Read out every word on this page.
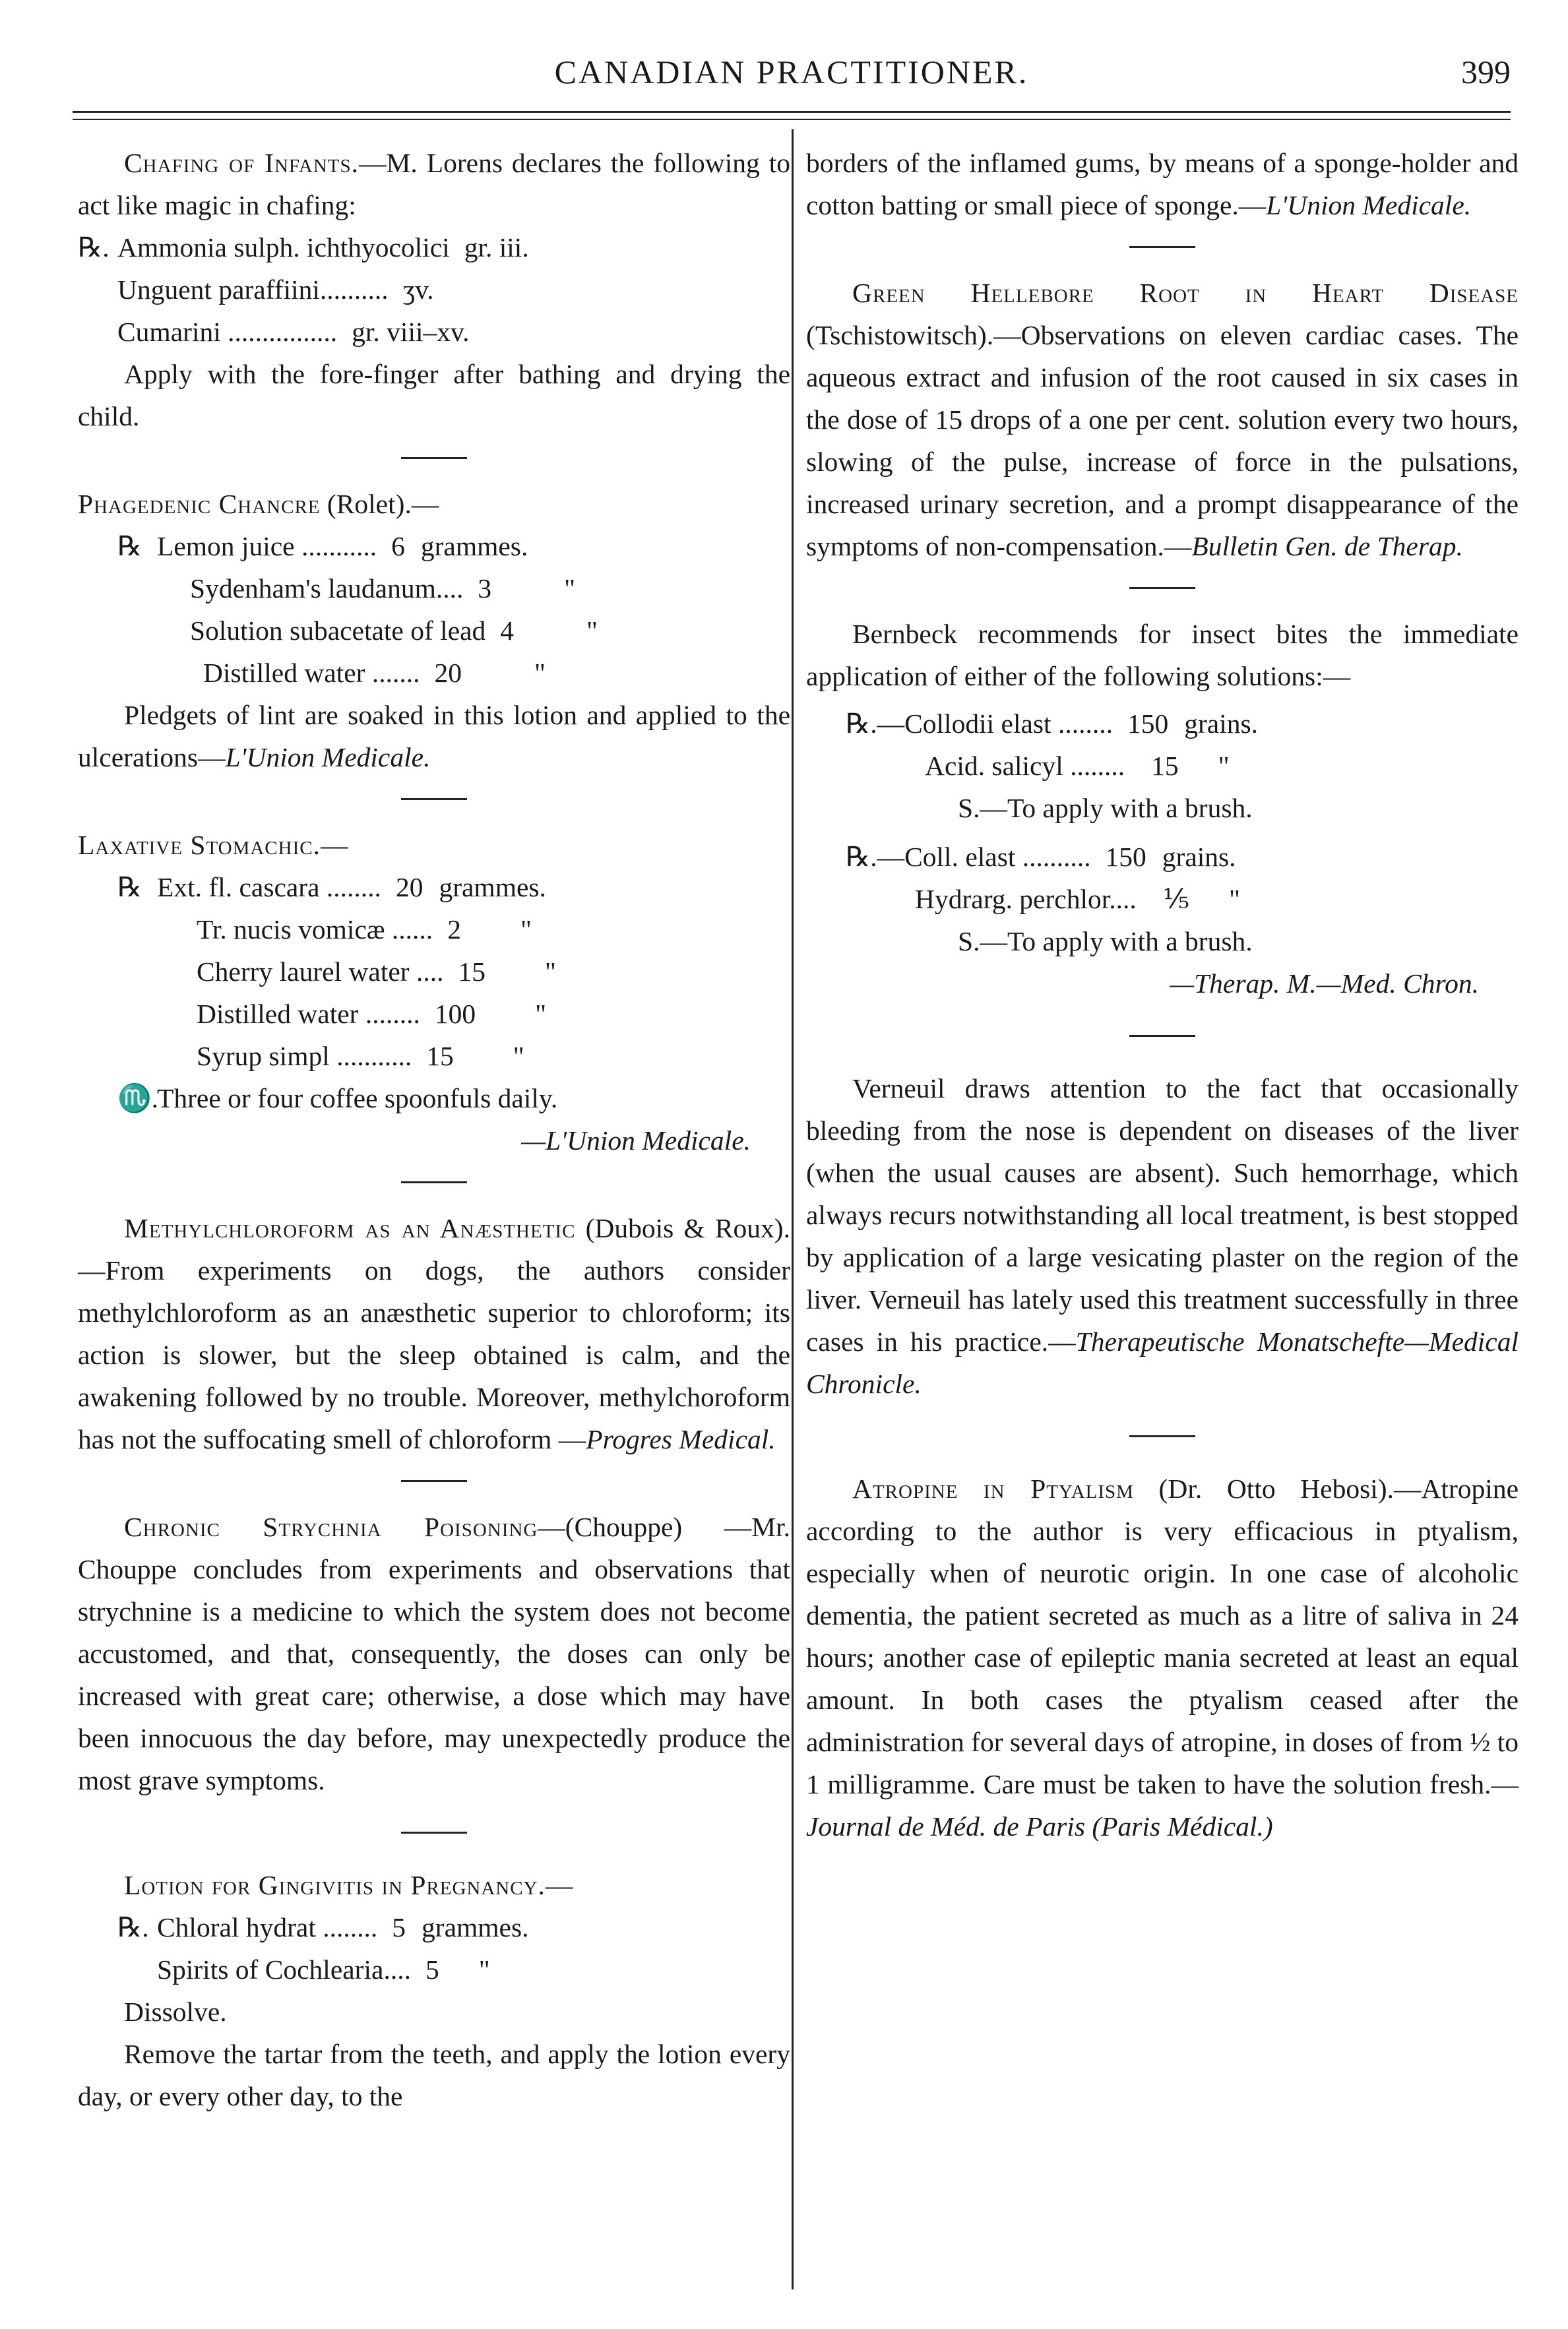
CANADIAN PRACTITIONER.	399

Chafing of Infants.—M. Lorens declares the following to act like magic in chafing:

℞. Ammonia sulph. ichthyocolici gr. iii.
Unguent paraffiini.......... ʒv.
Cumarini ................ gr. viii–xv.

Apply with the fore-finger after bathing and drying the child.

Phagedenic Chancre (Rolet).—

℞ Lemon juice ........... 6 grammes.
Sydenham's laudanum.... 3	"
Solution subacetate of lead 4	"
Distilled water ....... 20	"

Pledgets of lint are soaked in this lotion and applied to the ulcerations—L'Union Medicale.

Laxative Stomachic.—

℞ Ext. fl. cascara ........ 20 grammes.
Tr. nucis vomicæ ...... 2 "
Cherry laurel water .... 15 "
Distilled water ........ 100 "
Syrup simpl ........... 15 "
♏.
Three or four coffee spoonfuls daily.

—L'Union Medicale.

Methylchloroform as an Anæsthetic (Dubois & Roux).—From experiments on dogs, the authors consider methylchloroform as an anæsthetic superior to chloroform; its action is slower, but the sleep obtained is calm, and the awakening followed by no trouble. Moreover, methylchoroform has not the suffocating smell of chloroform —Progres Medical.

Chronic Strychnia Poisoning—(Chouppe) —Mr. Chouppe concludes from experiments and observations that strychnine is a medicine to which the system does not become accustomed, and that, consequently, the doses can only be increased with great care; otherwise, a dose which may have been innocuous the day before, may unexpectedly produce the most grave symptoms.

Lotion for Gingivitis in Pregnancy.—

℞. Chloral hydrat ........ 5 grammes.
Spirits of Cochlearia.... 5 "

Dissolve.

Remove the tartar from the teeth, and apply the lotion every day, or every other day, to the

borders of the inflamed gums, by means of a sponge-holder and cotton batting or small piece of sponge.—L'Union Medicale.

Green Hellebore Root in Heart Disease (Tschistowitsch).—Observations on eleven cardiac cases. The aqueous extract and infusion of the root caused in six cases in the dose of 15 drops of a one per cent. solution every two hours, slowing of the pulse, increase of force in the pulsations, increased urinary secretion, and a prompt disappearance of the symptoms of non-compensation.—Bulletin Gen. de Therap.

Bernbeck recommends for insect bites the immediate application of either of the following solutions:—

℞. —Collodii elast ........ 150 grains.
Acid. salicyl ........ 15 "

S.—To apply with a brush.

℞. —Coll. elast .......... 150 grains.
Hydrarg. perchlor.... ⅕ "

S.—To apply with a brush.

—Therap. M.—Med. Chron.

Verneuil draws attention to the fact that occasionally bleeding from the nose is dependent on diseases of the liver (when the usual causes are absent). Such hemorrhage, which always recurs notwithstanding all local treatment, is best stopped by application of a large vesicating plaster on the region of the liver. Verneuil has lately used this treatment successfully in three cases in his practice.—Therapeutische Monatschefte—Medical Chronicle.

Atropine in Ptyalism (Dr. Otto Hebosi).—Atropine according to the author is very efficacious in ptyalism, especially when of neurotic origin. In one case of alcoholic dementia, the patient secreted as much as a litre of saliva in 24 hours; another case of epileptic mania secreted at least an equal amount. In both cases the ptyalism ceased after the administration for several days of atropine, in doses of from ½ to 1 milligramme. Care must be taken to have the solution fresh.—Journal de Méd. de Paris (Paris Médical.)
